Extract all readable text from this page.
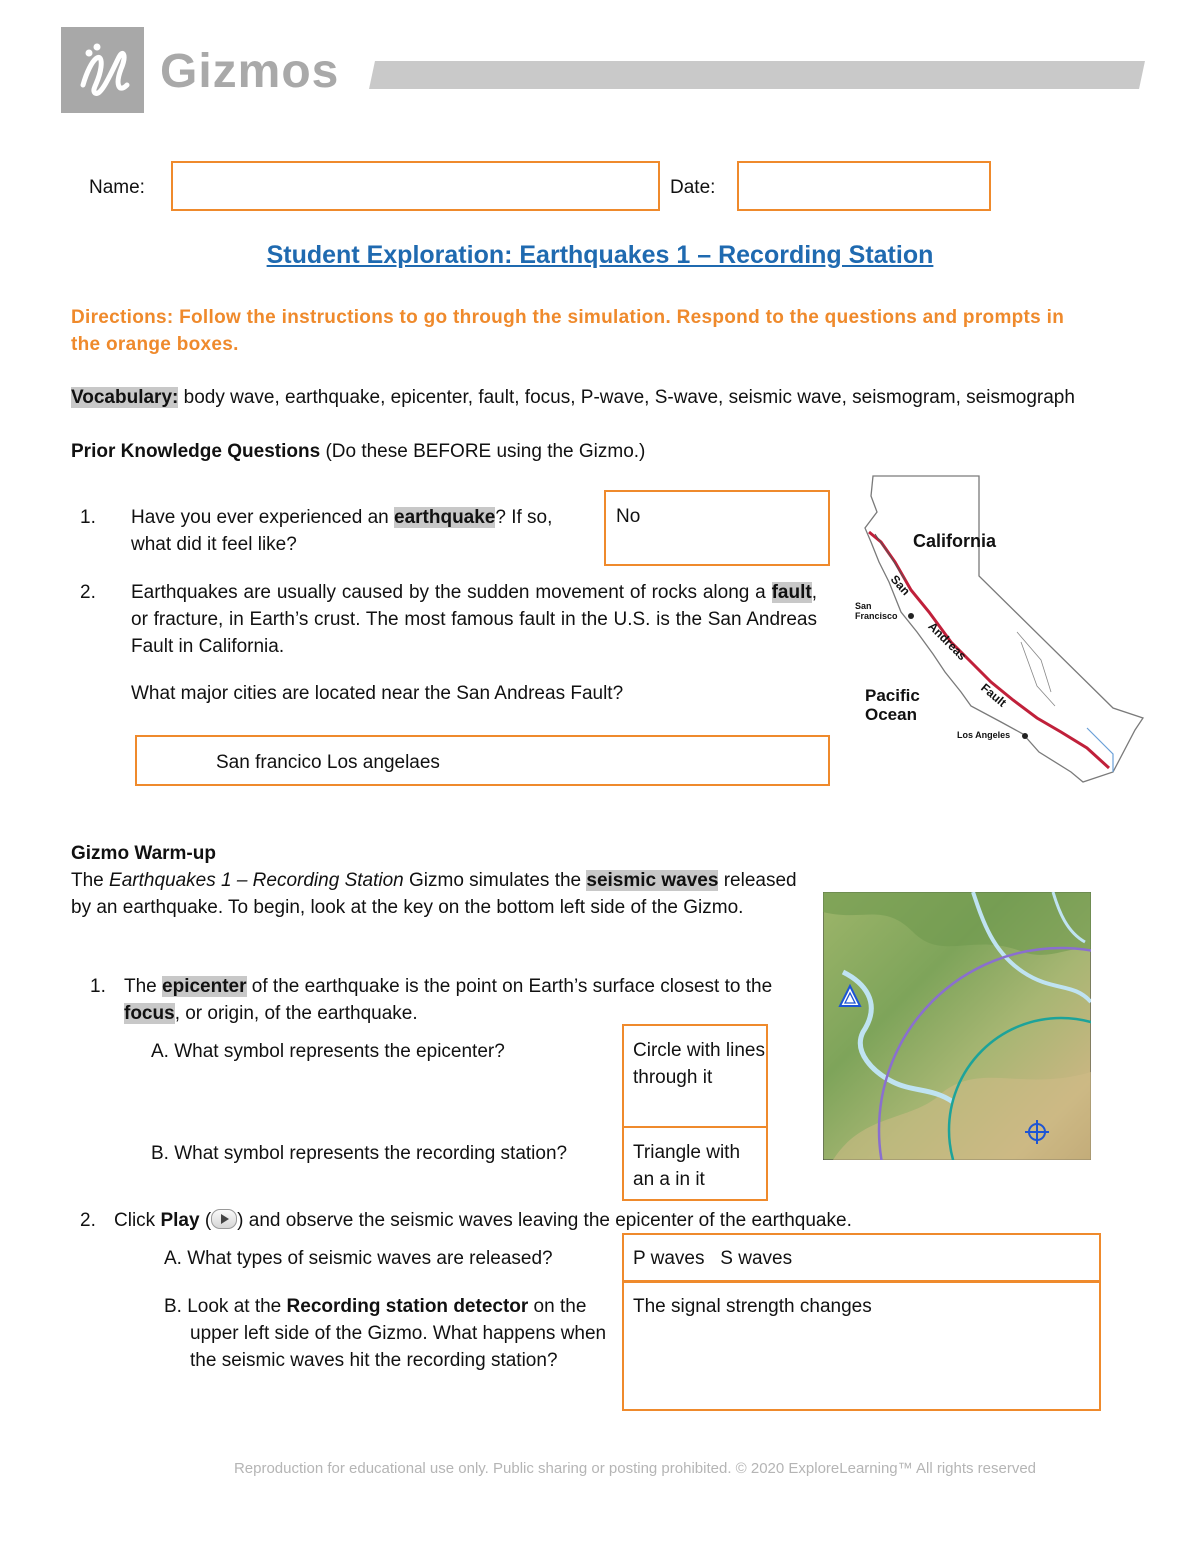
Gizmos
Name:	Date:
Student Exploration: Earthquakes 1 – Recording Station
Directions: Follow the instructions to go through the simulation. Respond to the questions and prompts in the orange boxes.
Vocabulary: body wave, earthquake, epicenter, fault, focus, P-wave, S-wave, seismic wave, seismogram, seismograph
Prior Knowledge Questions (Do these BEFORE using the Gizmo.)
1. Have you ever experienced an earthquake? If so, what did it feel like?
No
2. Earthquakes are usually caused by the sudden movement of rocks along a fault, or fracture, in Earth’s crust. The most famous fault in the U.S. is the San Andreas Fault in California.
What major cities are located near the San Andreas Fault?
San francico Los angelaes
California
Pacific
Ocean
San
Francisco
Los Angeles
San
Andreas
Fault
Gizmo Warm-up
The Earthquakes 1 – Recording Station Gizmo simulates the seismic waves released by an earthquake. To begin, look at the key on the bottom left side of the Gizmo.
1. The epicenter of the earthquake is the point on Earth’s surface closest to the focus, or origin, of the earthquake.
A. What symbol represents the epicenter?	Circle with lines through it
B. What symbol represents the recording station?	Triangle with an a in it
2. Click Play ( ) and observe the seismic waves leaving the epicenter of the earthquake.
A. What types of seismic waves are released?	P waves   S waves
B. Look at the Recording station detector on the upper left side of the Gizmo. What happens when the seismic waves hit the recording station?
The signal strength changes
Reproduction for educational use only. Public sharing or posting prohibited. © 2020 ExploreLearning™ All rights reserved
